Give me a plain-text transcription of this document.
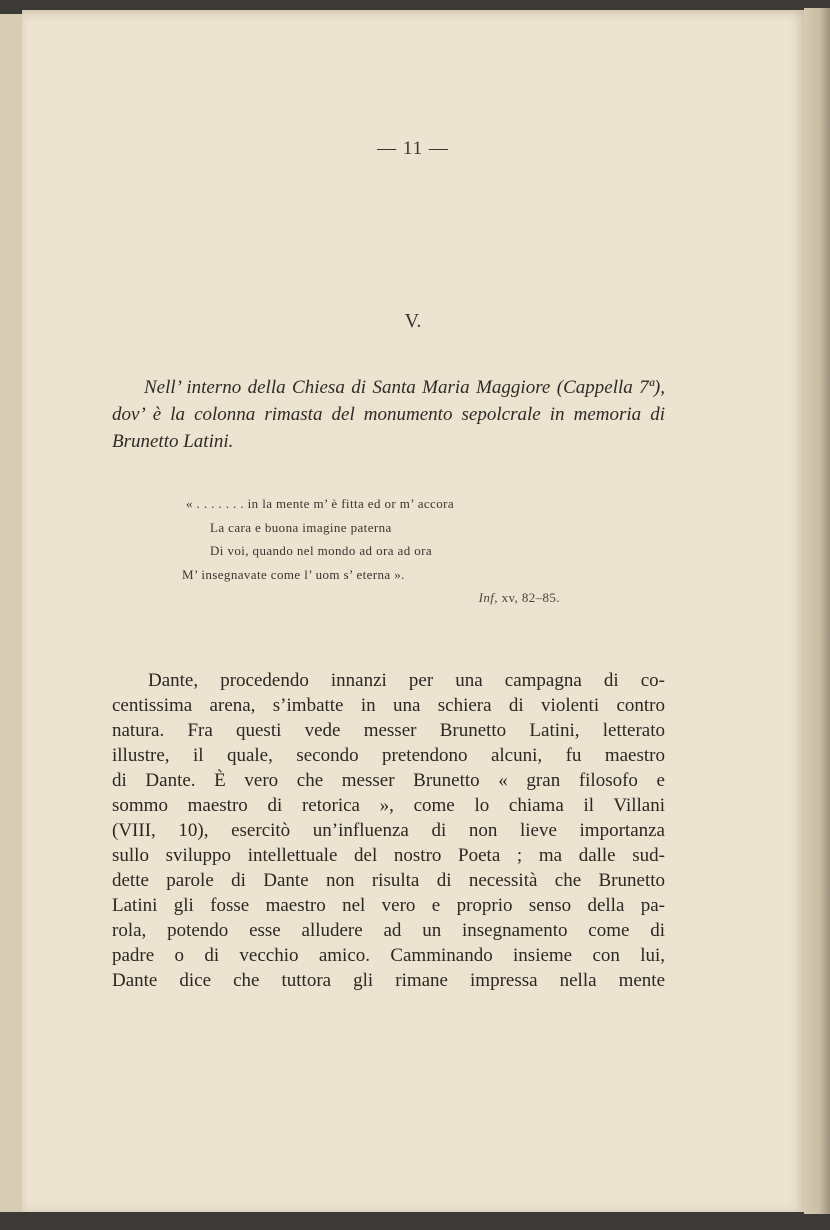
— 11 —
V.
Nell’ interno della Chiesa di Santa Maria Maggiore (Cappella 7ª), dov’ è la colonna rimasta del monumento sepolcrale in memoria di Brunetto Latini.
« . . . . . . . in la mente m’ è fitta ed or m’ accora
La cara e buona imagine paterna
Di voi, quando nel mondo ad ora ad ora
M’ insegnavate come l’ uom s’ eterna ».
Inf, xv, 82–85.
Dante, procedendo innanzi per una campagna di co-
centissima arena, s’imbatte in una schiera di violenti contro
natura. Fra questi vede messer Brunetto Latini, letterato
illustre, il quale, secondo pretendono alcuni, fu maestro
di Dante. È vero che messer Brunetto « gran filosofo e
sommo maestro di retorica », come lo chiama il Villani
(VIII, 10), esercitò un’influenza di non lieve importanza
sullo sviluppo intellettuale del nostro Poeta ; ma dalle sud-
dette parole di Dante non risulta di necessità che Brunetto
Latini gli fosse maestro nel vero e proprio senso della pa-
rola, potendo esse alludere ad un insegnamento come di
padre o di vecchio amico. Camminando insieme con lui,
Dante dice che tuttora gli rimane impressa nella mente
